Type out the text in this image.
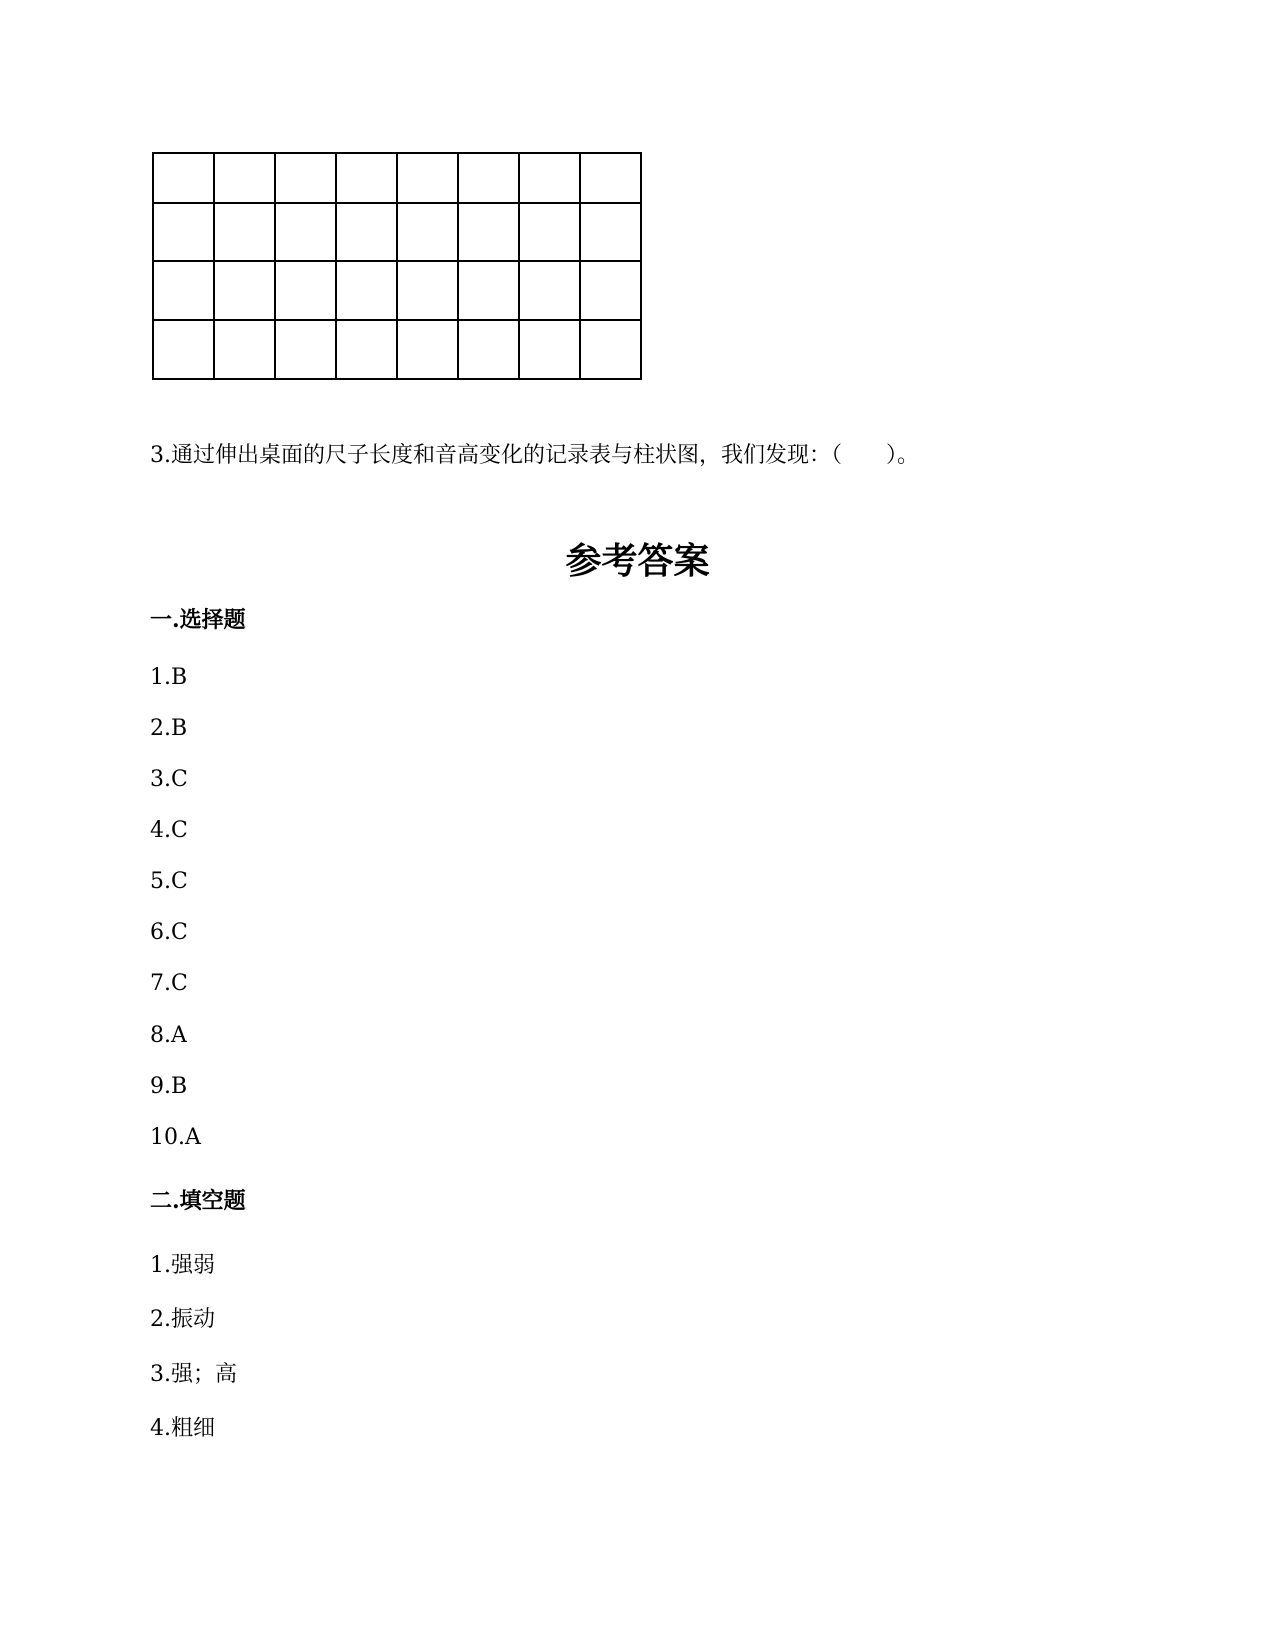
3.通过伸出桌面的尺子长度和音高变化的记录表与柱状图，我们发现：（　　）。
参考答案
一.选择题
1.B
2.B
3.C
4.C
5.C
6.C
7.C
8.A
9.B
10.A
二.填空题
1.强弱
2.振动
3.强；高
4.粗细
